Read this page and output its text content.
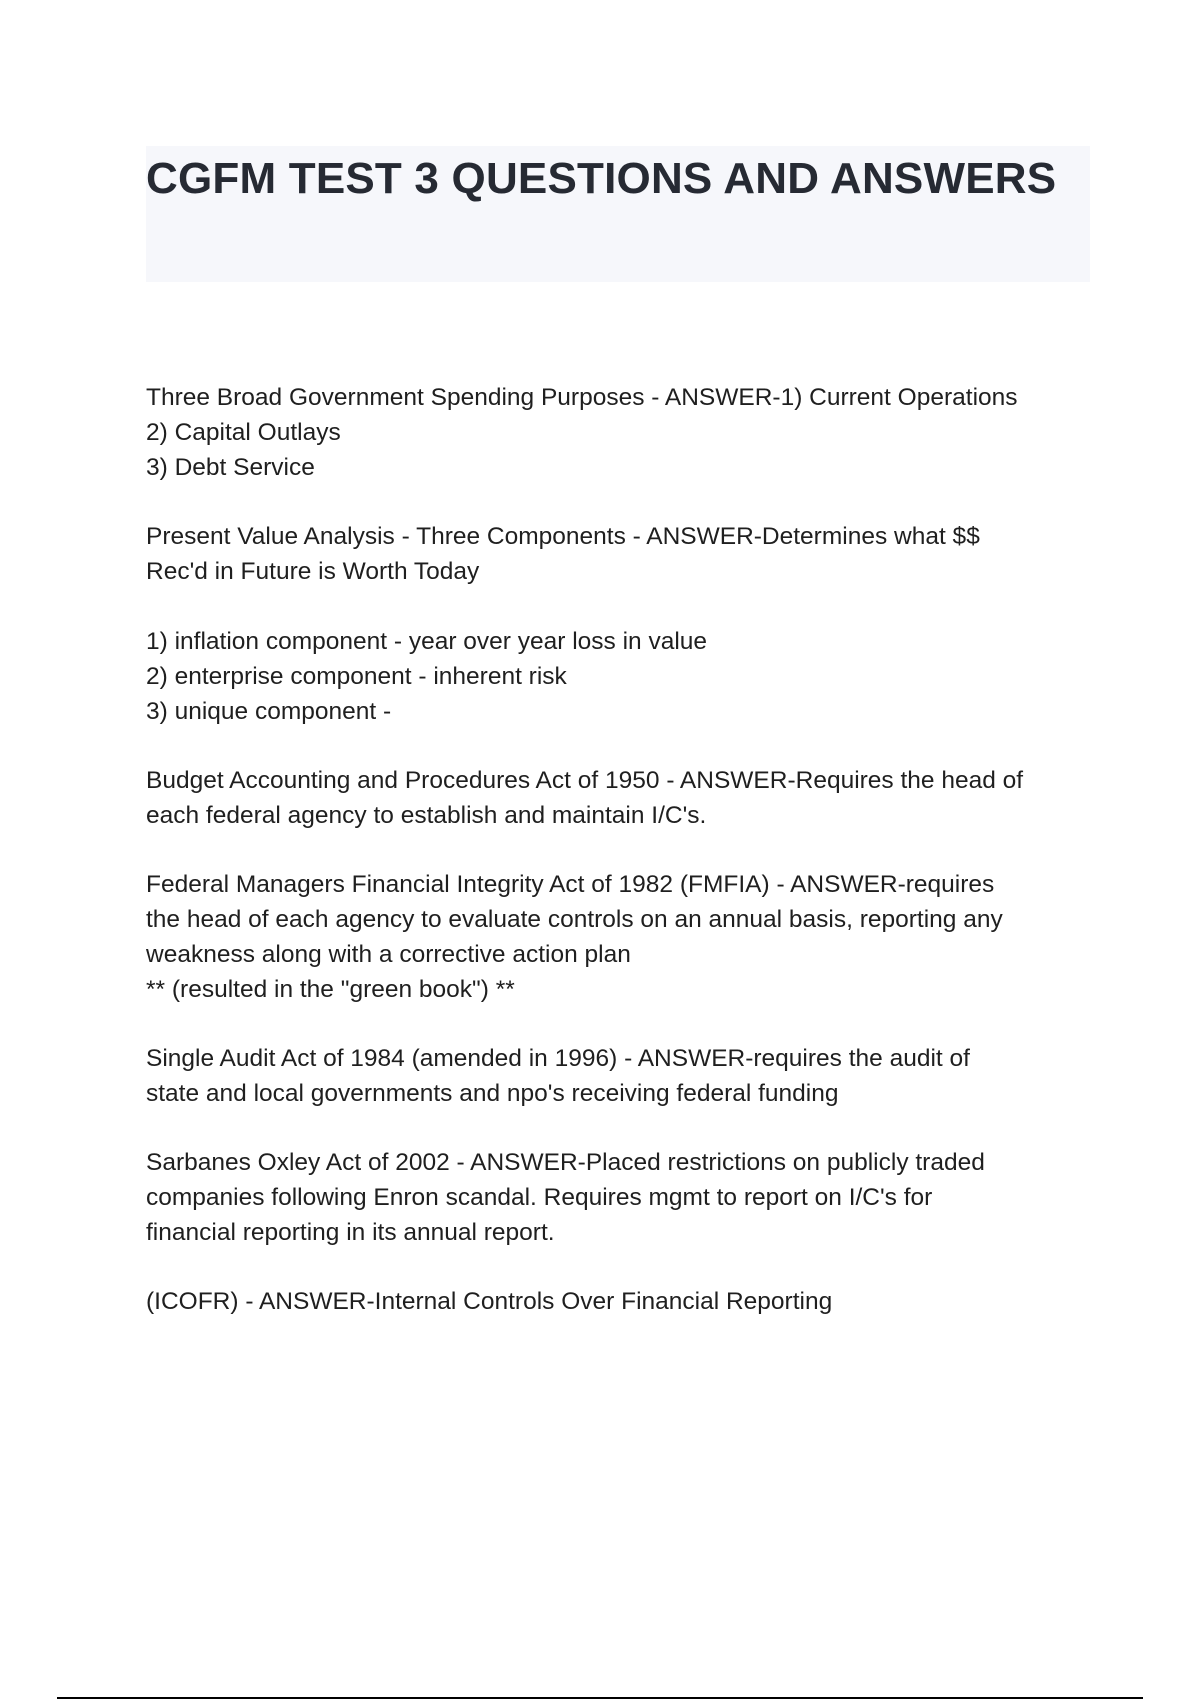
CGFM TEST 3 QUESTIONS AND ANSWERS
Three Broad Government Spending Purposes - ANSWER-1) Current Operations
2) Capital Outlays
3) Debt Service
Present Value Analysis - Three Components - ANSWER-Determines what $$
Rec'd in Future is Worth Today
1) inflation component - year over year loss in value
2) enterprise component - inherent risk
3) unique component -
Budget Accounting and Procedures Act of 1950 - ANSWER-Requires the head of
each federal agency to establish and maintain I/C's.
Federal Managers Financial Integrity Act of 1982 (FMFIA) - ANSWER-requires
the head of each agency to evaluate controls on an annual basis, reporting any
weakness along with a corrective action plan
** (resulted in the "green book") **
Single Audit Act of 1984 (amended in 1996) - ANSWER-requires the audit of
state and local governments and npo's receiving federal funding
Sarbanes Oxley Act of 2002 - ANSWER-Placed restrictions on publicly traded
companies following Enron scandal. Requires mgmt to report on I/C's for
financial reporting in its annual report.
(ICOFR) - ANSWER-Internal Controls Over Financial Reporting
